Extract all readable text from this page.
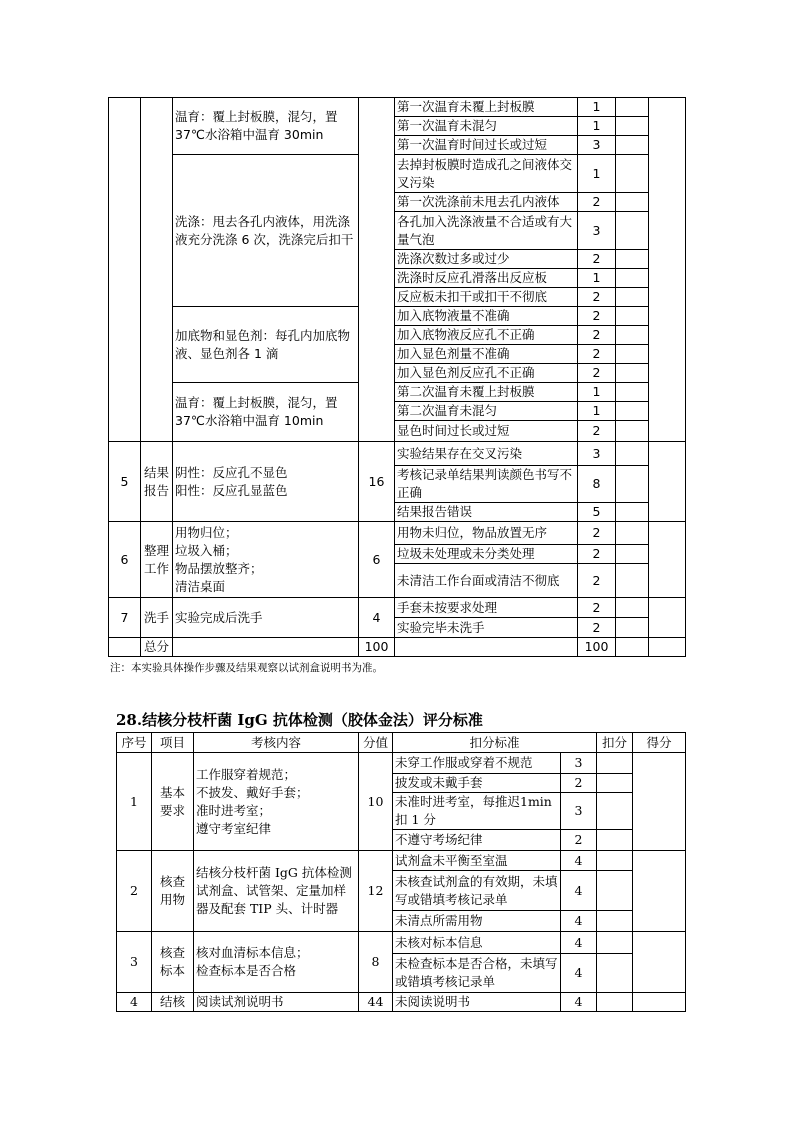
		温育：覆上封板膜，混匀，置37℃水浴箱中温育 30min		第一次温育未覆上封板膜	1		
				第一次温育未混匀	1		
				第一次温育时间过长或过短	3		
		洗涤：甩去各孔内液体，用洗涤液充分洗涤 6 次，洗涤完后扣干		去掉封板膜时造成孔之间液体交叉污染	1		
				第一次洗涤前未甩去孔内液体	2		
				各孔加入洗涤液量不合适或有大量气泡	3		
				洗涤次数过多或过少	2		
				洗涤时反应孔滑落出反应板	1		
				反应板未扣干或扣干不彻底	2		
		加底物和显色剂：每孔内加底物液、显色剂各 1 滴		加入底物液量不准确	2		
				加入底物液反应孔不正确	2		
				加入显色剂量不准确	2		
				加入显色剂反应孔不正确	2		
		温育：覆上封板膜，混匀，置37℃水浴箱中温育 10min		第二次温育未覆上封板膜	1		
				第二次温育未混匀	1		
				显色时间过长或过短	2		
5	结果报告	阴性：反应孔不显色
阳性：反应孔显蓝色	16	实验结果存在交叉污染	3		
				考核记录单结果判读颜色书写不正确	8		
				结果报告错误	5		
6	整理工作	用物归位；
垃圾入桶；
物品摆放整齐；
清洁桌面	6	用物未归位，物品放置无序	2		
				垃圾未处理或未分类处理	2		
				未清洁工作台面或清洁不彻底	2		
7	洗手	实验完成后洗手	4	手套未按要求处理	2		
				实验完毕未洗手	2		
	总分		100		100		
注：本实验具体操作步骤及结果观察以试剂盒说明书为准。
28.结核分枝杆菌 IgG 抗体检测（胶体金法）评分标准
序号	项目	考核内容	分值	扣分标准		扣分	得分
1	基本要求	工作服穿着规范；
不披发、戴好手套；
准时进考室；
遵守考室纪律	10	未穿工作服或穿着不规范	3		
				披发或未戴手套	2		
				未准时进考室，每推迟1min 扣 1 分	3		
				不遵守考场纪律	2		
2	核查用物	结核分枝杆菌 IgG 抗体检测试剂盒、试管架、定量加样器及配套 TIP 头、计时器	12	试剂盒未平衡至室温	4		
				未核查试剂盒的有效期，未填写或错填考核记录单	4		
				未清点所需用物	4		
3	核查标本	核对血清标本信息；
检查标本是否合格	8	未核对标本信息	4		
				未检查标本是否合格，未填写或错填考核记录单	4		
4	结核	阅读试剂说明书	44	未阅读说明书	4		
